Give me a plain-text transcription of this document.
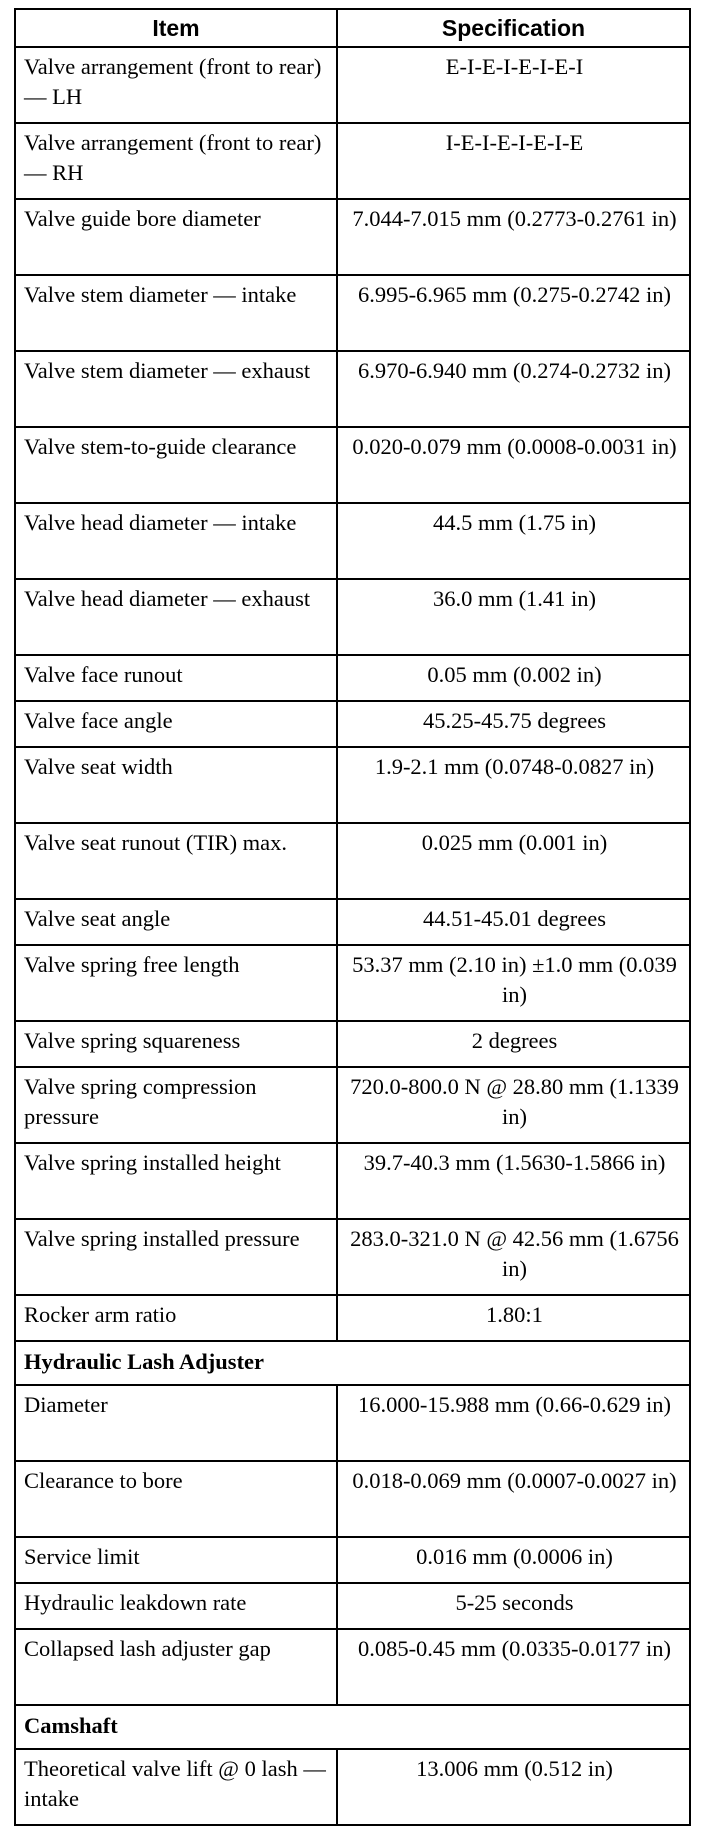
Item	Specification
Valve arrangement (front to rear) — LH	E-I-E-I-E-I-E-I
Valve arrangement (front to rear) — RH	I-E-I-E-I-E-I-E
Valve guide bore diameter	7.044-7.015 mm (0.2773-0.2761 in)
Valve stem diameter — intake	6.995-6.965 mm (0.275-0.2742 in)
Valve stem diameter — exhaust	6.970-6.940 mm (0.274-0.2732 in)
Valve stem-to-guide clearance	0.020-0.079 mm (0.0008-0.0031 in)
Valve head diameter — intake	44.5 mm (1.75 in)
Valve head diameter — exhaust	36.0 mm (1.41 in)
Valve face runout	0.05 mm (0.002 in)
Valve face angle	45.25-45.75 degrees
Valve seat width	1.9-2.1 mm (0.0748-0.0827 in)
Valve seat runout (TIR) max.	0.025 mm (0.001 in)
Valve seat angle	44.51-45.01 degrees
Valve spring free length	53.37 mm (2.10 in) ±1.0 mm (0.039 in)
Valve spring squareness	2 degrees
Valve spring compression pressure	720.0-800.0 N @ 28.80 mm (1.1339 in)
Valve spring installed height	39.7-40.3 mm (1.5630-1.5866 in)
Valve spring installed pressure	283.0-321.0 N @ 42.56 mm (1.6756 in)
Rocker arm ratio	1.80:1
Hydraulic Lash Adjuster	
Diameter	16.000-15.988 mm (0.66-0.629 in)
Clearance to bore	0.018-0.069 mm (0.0007-0.0027 in)
Service limit	0.016 mm (0.0006 in)
Hydraulic leakdown rate	5-25 seconds
Collapsed lash adjuster gap	0.085-0.45 mm (0.0335-0.0177 in)
Camshaft	
Theoretical valve lift @ 0 lash — intake	13.006 mm (0.512 in)
